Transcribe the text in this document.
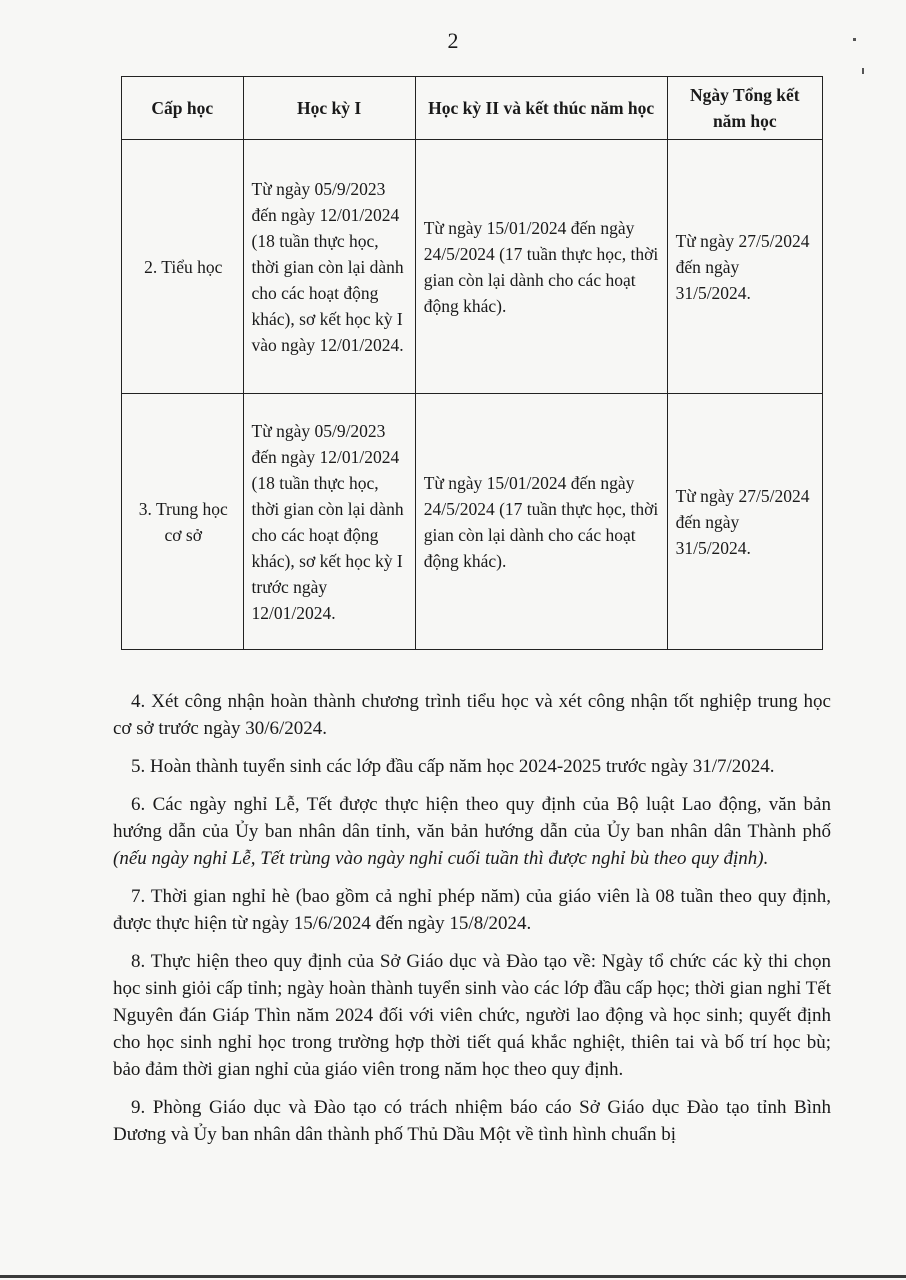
2
Cấp học	Học kỳ I	Học kỳ II và kết thúc năm học	Ngày Tổng kết năm học
2. Tiểu học	Từ ngày 05/9/2023 đến ngày 12/01/2024 (18 tuần thực học, thời gian còn lại dành cho các hoạt động khác), sơ kết học kỳ I vào ngày 12/01/2024.	Từ ngày 15/01/2024 đến ngày 24/5/2024 (17 tuần thực học, thời gian còn lại dành cho các hoạt động khác).	Từ ngày 27/5/2024 đến ngày 31/5/2024.
3. Trung học cơ sở	Từ ngày 05/9/2023 đến ngày 12/01/2024 (18 tuần thực học, thời gian còn lại dành cho các hoạt động khác), sơ kết học kỳ I trước ngày 12/01/2024.	Từ ngày 15/01/2024 đến ngày 24/5/2024 (17 tuần thực học, thời gian còn lại dành cho các hoạt động khác).	Từ ngày 27/5/2024 đến ngày 31/5/2024.

4. Xét công nhận hoàn thành chương trình tiểu học và xét công nhận tốt nghiệp trung học cơ sở trước ngày 30/6/2024.

5. Hoàn thành tuyển sinh các lớp đầu cấp năm học 2024-2025 trước ngày 31/7/2024.

6. Các ngày nghỉ Lễ, Tết được thực hiện theo quy định của Bộ luật Lao động, văn bản hướng dẫn của Ủy ban nhân dân tỉnh, văn bản hướng dẫn của Ủy ban nhân dân Thành phố (nếu ngày nghỉ Lễ, Tết trùng vào ngày nghỉ cuối tuần thì được nghỉ bù theo quy định).

7. Thời gian nghỉ hè (bao gồm cả nghỉ phép năm) của giáo viên là 08 tuần theo quy định, được thực hiện từ ngày 15/6/2024 đến ngày 15/8/2024.

8. Thực hiện theo quy định của Sở Giáo dục và Đào tạo về: Ngày tổ chức các kỳ thi chọn học sinh giỏi cấp tỉnh; ngày hoàn thành tuyển sinh vào các lớp đầu cấp học; thời gian nghỉ Tết Nguyên đán Giáp Thìn năm 2024 đối với viên chức, người lao động và học sinh; quyết định cho học sinh nghỉ học trong trường hợp thời tiết quá khắc nghiệt, thiên tai và bố trí học bù; bảo đảm thời gian nghỉ của giáo viên trong năm học theo quy định.

9. Phòng Giáo dục và Đào tạo có trách nhiệm báo cáo Sở Giáo dục Đào tạo tỉnh Bình Dương và Ủy ban nhân dân thành phố Thủ Dầu Một về tình hình chuẩn bị
